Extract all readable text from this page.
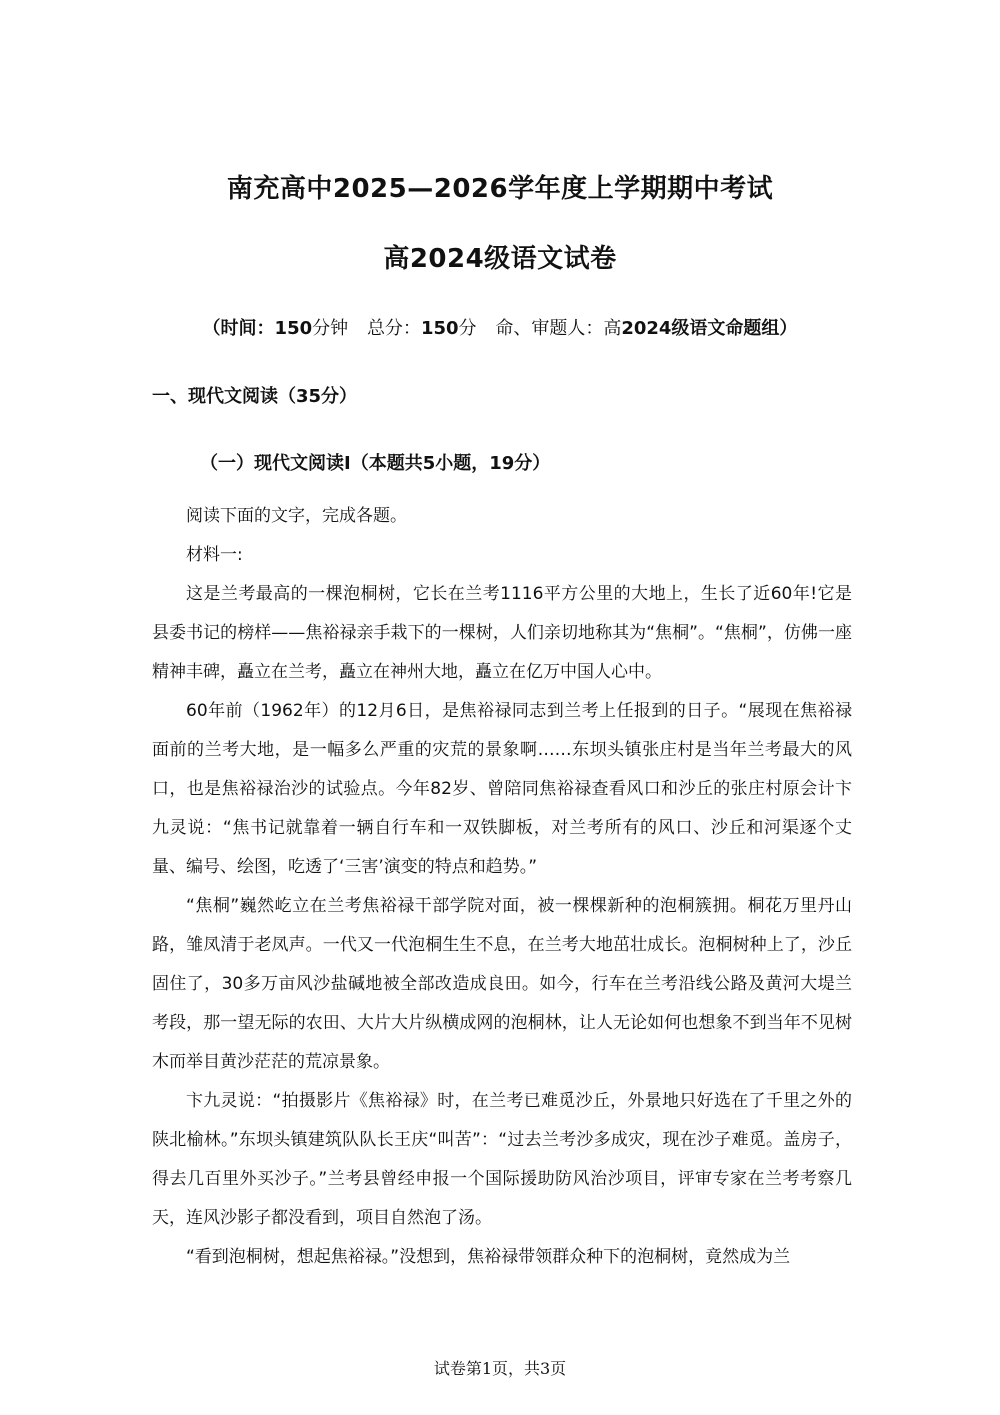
南充高中2025—2026学年度上学期期中考试
高2024级语文试卷
（时间：150分钟 总分：150分 命、审题人：高2024级语文命题组）
一、现代文阅读（35分）
（一）现代文阅读Ⅰ（本题共5小题，19分）

阅读下面的文字，完成各题。

材料一:

这是兰考最高的一棵泡桐树，它长在兰考1116平方公里的大地上，生长了近60年!它是县委书记的榜样——焦裕禄亲手栽下的一棵树，人们亲切地称其为“焦桐”。“焦桐”，仿佛一座精神丰碑，矗立在兰考，矗立在神州大地，矗立在亿万中国人心中。

60年前（1962年）的12月6日，是焦裕禄同志到兰考上任报到的日子。“展现在焦裕禄面前的兰考大地，是一幅多么严重的灾荒的景象啊……东坝头镇张庄村是当年兰考最大的风口，也是焦裕禄治沙的试验点。今年82岁、曾陪同焦裕禄查看风口和沙丘的张庄村原会计卞九灵说：“焦书记就靠着一辆自行车和一双铁脚板，对兰考所有的风口、沙丘和河渠逐个丈量、编号、绘图，吃透了‘三害’演变的特点和趋势。”

“焦桐”巍然屹立在兰考焦裕禄干部学院对面，被一棵棵新种的泡桐簇拥。桐花万里丹山路，雏凤清于老凤声。一代又一代泡桐生生不息，在兰考大地茁壮成长。泡桐树种上了，沙丘固住了，30多万亩风沙盐碱地被全部改造成良田。如今，行车在兰考沿线公路及黄河大堤兰考段，那一望无际的农田、大片大片纵横成网的泡桐林，让人无论如何也想象不到当年不见树木而举目黄沙茫茫的荒凉景象。

卞九灵说：“拍摄影片《焦裕禄》时，在兰考已难觅沙丘，外景地只好选在了千里之外的陕北榆林。”东坝头镇建筑队队长王庆“叫苦”：“过去兰考沙多成灾，现在沙子难觅。盖房子，得去几百里外买沙子。”兰考县曾经申报一个国际援助防风治沙项目，评审专家在兰考考察几天，连风沙影子都没看到，项目自然泡了汤。

“看到泡桐树，想起焦裕禄。”没想到，焦裕禄带领群众种下的泡桐树，竟然成为兰

试卷第1页，共3页
